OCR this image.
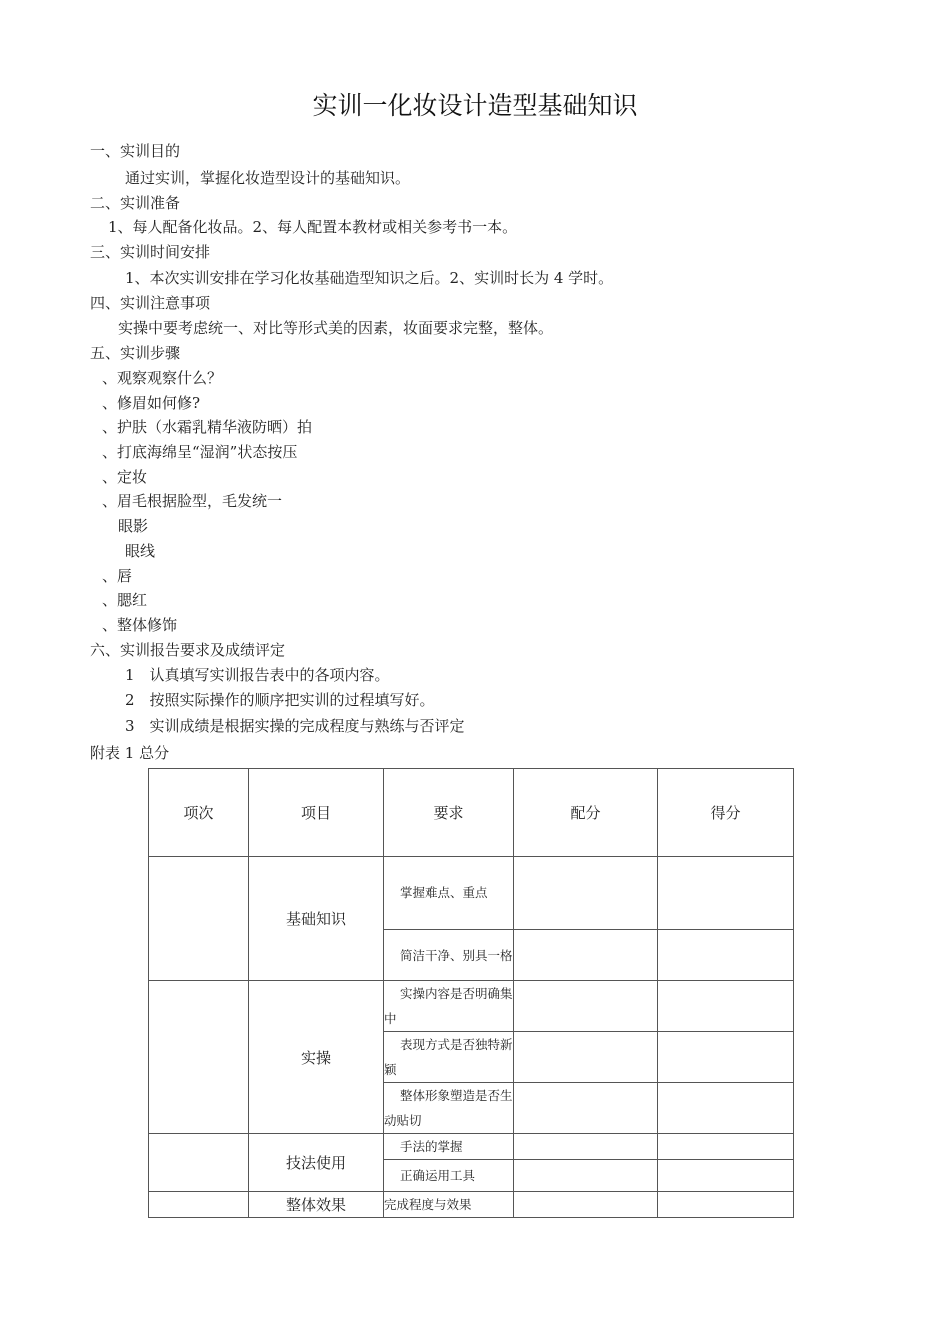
实训一化妆设计造型基础知识
一、实训目的
通过实训，掌握化妆造型设计的基础知识。
二、实训准备
1、每人配备化妆品。2、每人配置本教材或相关参考书一本。
三、实训时间安排
1、本次实训安排在学习化妆基础造型知识之后。2、实训时长为 4 学时。
四、实训注意事项
实操中要考虑统一、对比等形式美的因素，妆面要求完整，整体。
五、实训步骤
、观察观察什么？
、修眉如何修?
、护肤（水霜乳精华液防晒）拍
、打底海绵呈“湿润”状态按压
、定妆
、眉毛根据脸型，毛发统一
眼影
眼线
、唇
、腮红
、整体修饰
六、实训报告要求及成绩评定
1　认真填写实训报告表中的各项内容。
2　按照实际操作的顺序把实训的过程填写好。
3　实训成绩是根据实操的完成程度与熟练与否评定
附表 1 总分
项次	项目	要求	配分	得分
	基础知识	掌握难点、重点		
		简洁干净、别具一格		
	实操	实操内容是否明确集中		
		表现方式是否独特新颖		
		整体形象塑造是否生动贴切		
	技法使用	手法的掌握		
		正确运用工具		
	整体效果	完成程度与效果		
